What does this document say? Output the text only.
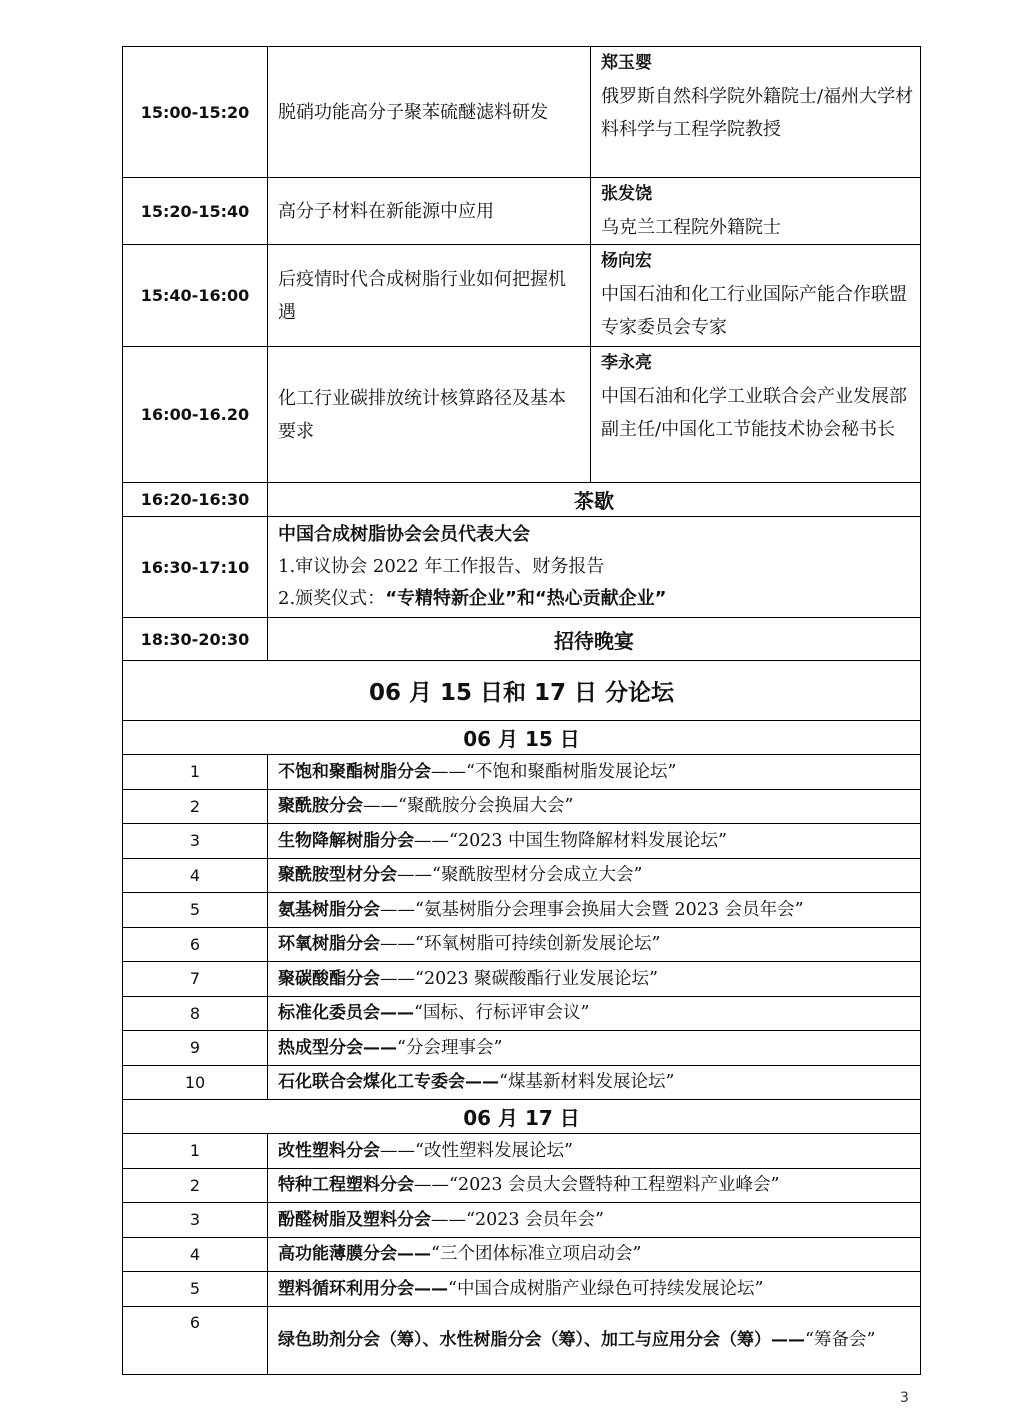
15:00-15:20	脱硝功能高分子聚苯硫醚滤料研发	郑玉婴
俄罗斯自然科学院外籍院士/福州大学材料科学与工程学院教授

15:20-15:40	高分子材料在新能源中应用	张发饶
乌克兰工程院外籍院士

15:40-16:00	后疫情时代合成树脂行业如何把握机遇	杨向宏
中国石油和化工行业国际产能合作联盟专家委员会专家

16:00-16.20	化工行业碳排放统计核算路径及基本要求	李永亮
中国石油和化学工业联合会产业发展部副主任/中国化工节能技术协会秘书长

16:20-16:30	茶歇	
16:30-17:10	中国合成树脂协会会员代表大会
1.审议协会 2022 年工作报告、财务报告
2.颁奖仪式：“专精特新企业”和“热心贡献企业”	

18:30-20:30	招待晚宴	
06 月 15 日和 17 日 分论坛		
06 月 15 日		
1	不饱和聚酯树脂分会——“不饱和聚酯树脂发展论坛”	
2	聚酰胺分会——“聚酰胺分会换届大会”	
3	生物降解树脂分会——“2023 中国生物降解材料发展论坛”	
4	聚酰胺型材分会——“聚酰胺型材分会成立大会”	
5	氨基树脂分会——“氨基树脂分会理事会换届大会暨 2023 会员年会”	
6	环氧树脂分会——“环氧树脂可持续创新发展论坛”	
7	聚碳酸酯分会——“2023 聚碳酸酯行业发展论坛”	
8	标准化委员会——“国标、行标评审会议”	
9	热成型分会——“分会理事会”	
10	石化联合会煤化工专委会——“煤基新材料发展论坛”	
06 月 17 日		
1	改性塑料分会——“改性塑料发展论坛”	
2	特种工程塑料分会——“2023 会员大会暨特种工程塑料产业峰会”	
3	酚醛树脂及塑料分会——“2023 会员年会”	
4	高功能薄膜分会——“三个团体标准立项启动会”	
5	塑料循环利用分会——“中国合成树脂产业绿色可持续发展论坛”	
6	绿色助剂分会（筹）、水性树脂分会（筹）、加工与应用分会（筹）——“筹备会”	
3
